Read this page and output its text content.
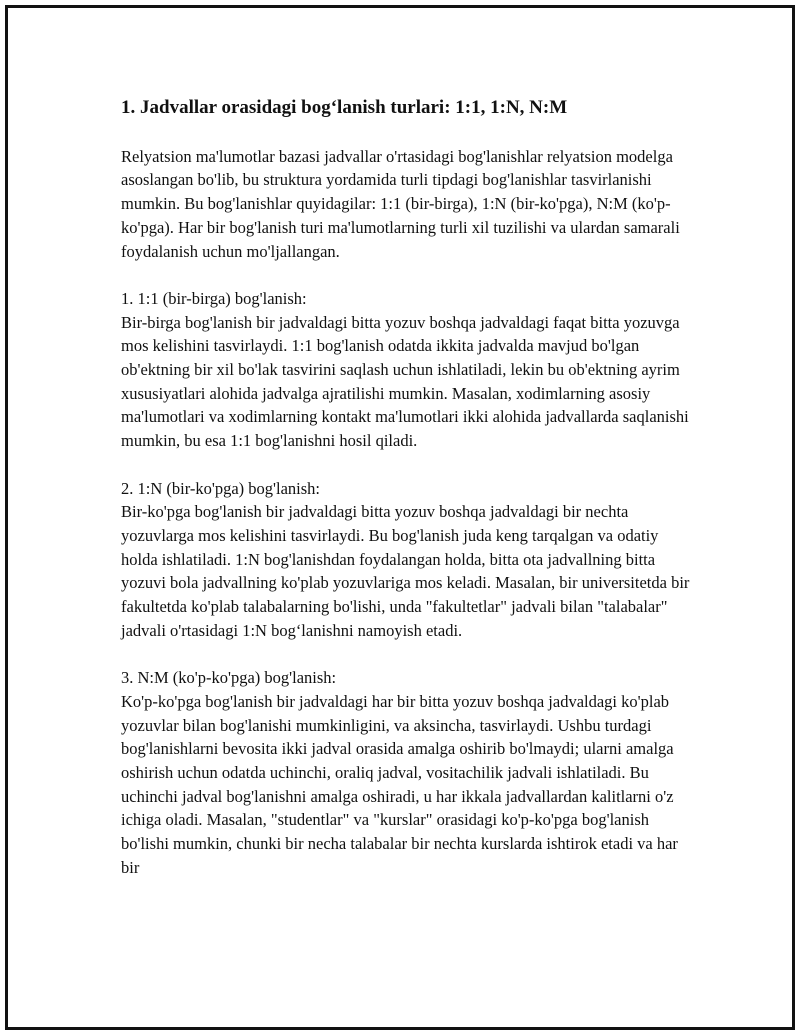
1. Jadvallar orasidagi bog‘lanish turlari: 1:1, 1:N, N:M

Relyatsion ma'lumotlar bazasi jadvallar o'rtasidagi bog'lanishlar relyatsion modelga asoslangan bo'lib, bu struktura yordamida turli tipdagi bog'lanishlar tasvirlanishi mumkin. Bu bog'lanishlar quyidagilar: 1:1 (bir-birga), 1:N (bir-ko'pga), N:M (ko'p-ko'pga). Har bir bog'lanish turi ma'lumotlarning turli xil tuzilishi va ulardan samarali foydalanish uchun mo'ljallangan.

1. 1:1 (bir-birga) bog'lanish:

Bir-birga bog'lanish bir jadvaldagi bitta yozuv boshqa jadvaldagi faqat bitta yozuvga mos kelishini tasvirlaydi. 1:1 bog'lanish odatda ikkita jadvalda mavjud bo'lgan ob'ektning bir xil bo'lak tasvirini saqlash uchun ishlatiladi, lekin bu ob'ektning ayrim xususiyatlari alohida jadvalga ajratilishi mumkin. Masalan, xodimlarning asosiy ma'lumotlari va xodimlarning kontakt ma'lumotlari ikki alohida jadvallarda saqlanishi mumkin, bu esa 1:1 bog'lanishni hosil qiladi.

2. 1:N (bir-ko'pga) bog'lanish:

Bir-ko'pga bog'lanish bir jadvaldagi bitta yozuv boshqa jadvaldagi bir nechta yozuvlarga mos kelishini tasvirlaydi. Bu bog'lanish juda keng tarqalgan va odatiy holda ishlatiladi. 1:N bog'lanishdan foydalangan holda, bitta ota jadvallning bitta yozuvi bola jadvallning ko'plab yozuvlariga mos keladi. Masalan, bir universitetda bir fakultetda ko'plab talabalarning bo'lishi, unda "fakultetlar" jadvali bilan "talabalar" jadvali o'rtasidagi 1:N bog‘lanishni namoyish etadi.

3. N:M (ko'p-ko'pga) bog'lanish:

Ko'p-ko'pga bog'lanish bir jadvaldagi har bir bitta yozuv boshqa jadvaldagi ko'plab yozuvlar bilan bog'lanishi mumkinligini, va aksincha, tasvirlaydi. Ushbu turdagi bog'lanishlarni bevosita ikki jadval orasida amalga oshirib bo'lmaydi; ularni amalga oshirish uchun odatda uchinchi, oraliq jadval, vositachilik jadvali ishlatiladi. Bu uchinchi jadval bog'lanishni amalga oshiradi, u har ikkala jadvallardan kalitlarni o'z ichiga oladi. Masalan, "studentlar" va "kurslar" orasidagi ko'p-ko'pga bog'lanish bo'lishi mumkin, chunki bir necha talabalar bir nechta kurslarda ishtirok etadi va har bir
